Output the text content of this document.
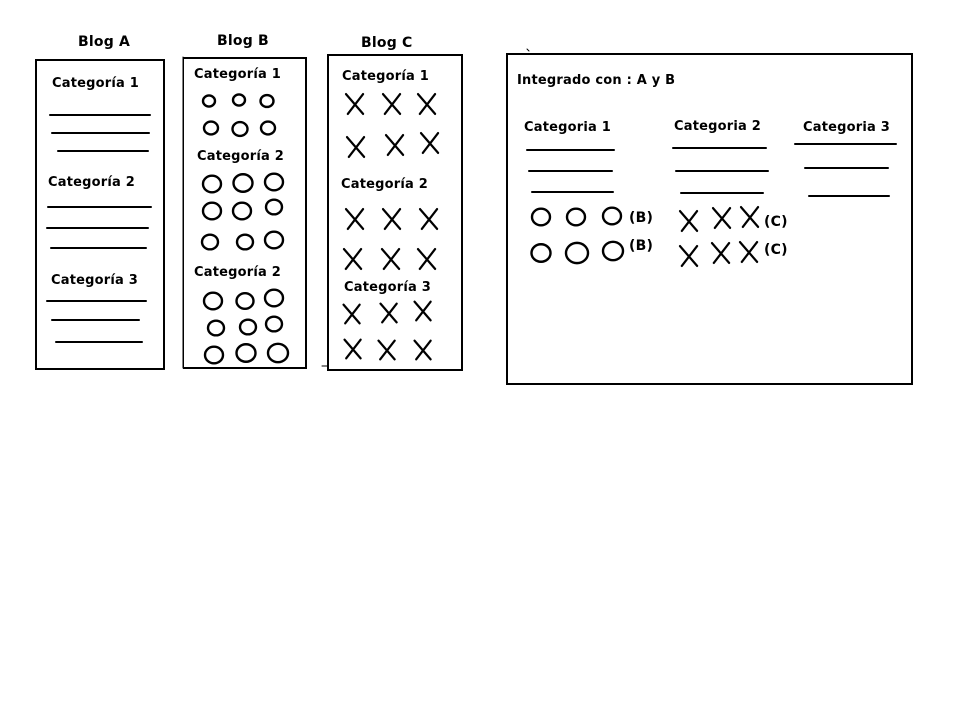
Blog A	Blog B	Blog C
Categoría 1
Categoría 2
Categoría 3
Categoría 1
Categoría 2
Categoría 2
Categoría 1
Categoría 2
Categoría 3
Integrado con : A y B
Categoria 1	Categoria 2	Categoria 3
(B)
(B)
(C)
(C)
